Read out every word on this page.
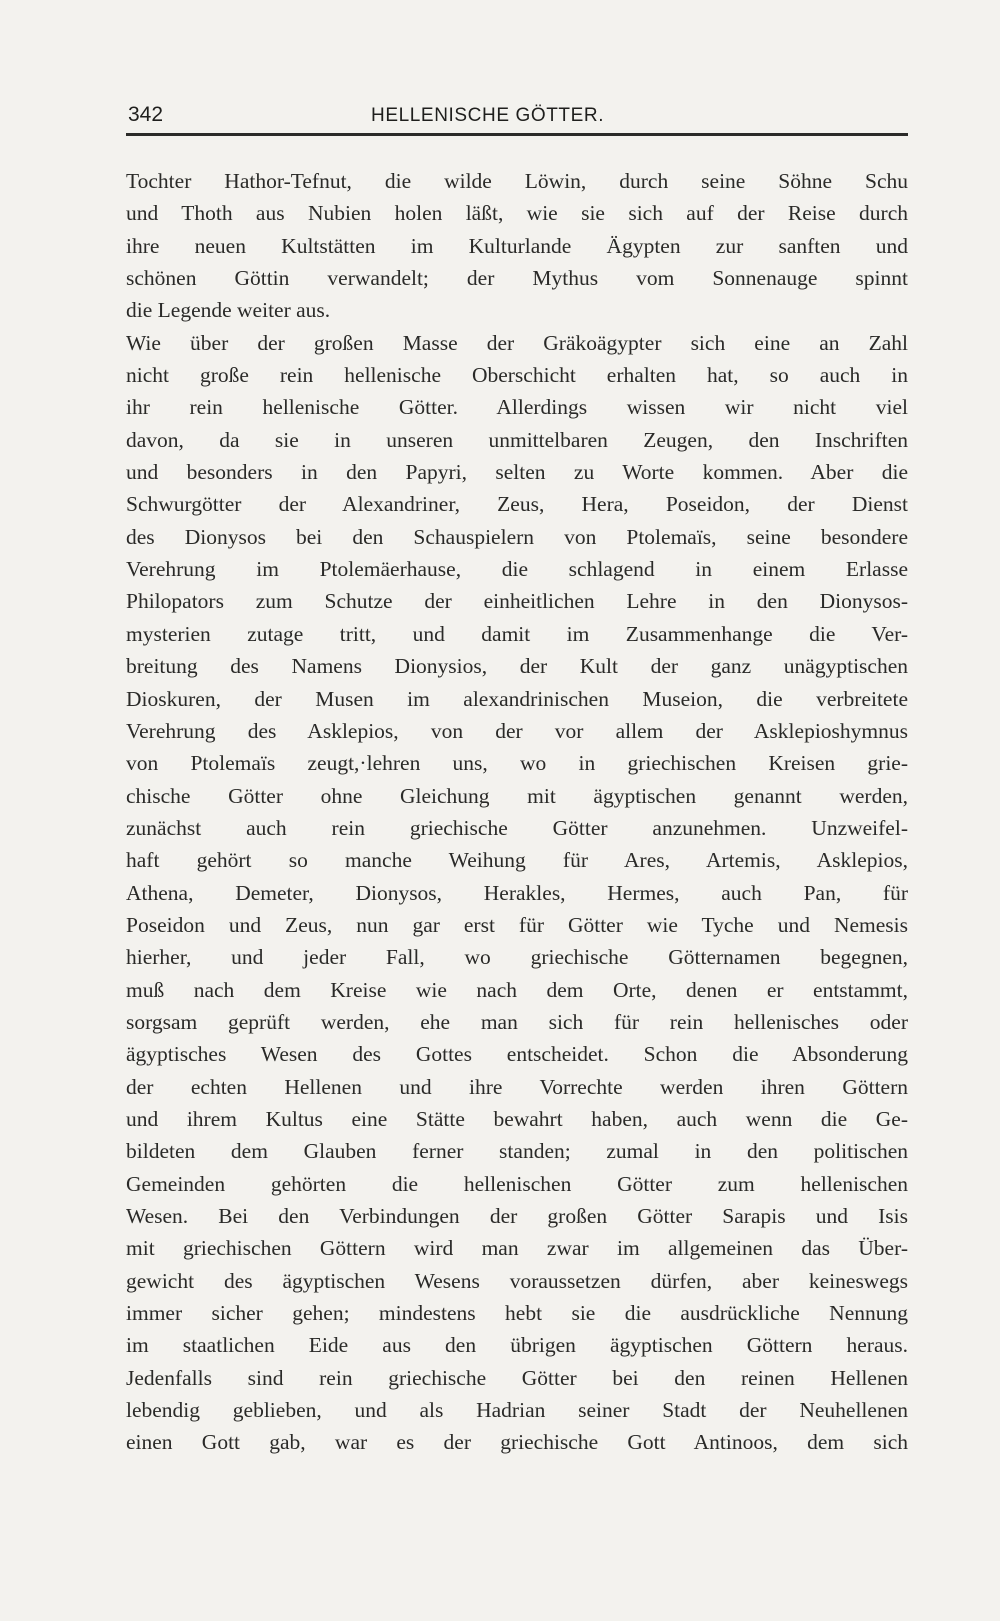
342	HELLENISCHE GÖTTER.
Tochter Hathor-Tefnut, die wilde Löwin, durch seine Söhne Schu
und Thoth aus Nubien holen läßt, wie sie sich auf der Reise durch
ihre neuen Kultstätten im Kulturlande Ägypten zur sanften und
schönen Göttin verwandelt; der Mythus vom Sonnenauge spinnt
die Legende weiter aus.
Wie über der großen Masse der Gräkoägypter sich eine an Zahl
nicht große rein hellenische Oberschicht erhalten hat, so auch in
ihr rein hellenische Götter. Allerdings wissen wir nicht viel
davon, da sie in unseren unmittelbaren Zeugen, den Inschriften
und besonders in den Papyri, selten zu Worte kommen. Aber die
Schwurgötter der Alexandriner, Zeus, Hera, Poseidon, der Dienst
des Dionysos bei den Schauspielern von Ptolemaïs, seine besondere
Verehrung im Ptolemäerhause, die schlagend in einem Erlasse
Philopators zum Schutze der einheitlichen Lehre in den Dionysos-
mysterien zutage tritt, und damit im Zusammenhange die Ver-
breitung des Namens Dionysios, der Kult der ganz unägyptischen
Dioskuren, der Musen im alexandrinischen Museion, die verbreitete
Verehrung des Asklepios, von der vor allem der Asklepioshymnus
von Ptolemaïs zeugt,·lehren uns, wo in griechischen Kreisen grie-
chische Götter ohne Gleichung mit ägyptischen genannt werden,
zunächst auch rein griechische Götter anzunehmen. Unzweifel-
haft gehört so manche Weihung für Ares, Artemis, Asklepios,
Athena, Demeter, Dionysos, Herakles, Hermes, auch Pan, für
Poseidon und Zeus, nun gar erst für Götter wie Tyche und Nemesis
hierher, und jeder Fall, wo griechische Götternamen begegnen,
muß nach dem Kreise wie nach dem Orte, denen er entstammt,
sorgsam geprüft werden, ehe man sich für rein hellenisches oder
ägyptisches Wesen des Gottes entscheidet. Schon die Absonderung
der echten Hellenen und ihre Vorrechte werden ihren Göttern
und ihrem Kultus eine Stätte bewahrt haben, auch wenn die Ge-
bildeten dem Glauben ferner standen; zumal in den politischen
Gemeinden gehörten die hellenischen Götter zum hellenischen
Wesen. Bei den Verbindungen der großen Götter Sarapis und Isis
mit griechischen Göttern wird man zwar im allgemeinen das Über-
gewicht des ägyptischen Wesens voraussetzen dürfen, aber keineswegs
immer sicher gehen; mindestens hebt sie die ausdrückliche Nennung
im staatlichen Eide aus den übrigen ägyptischen Göttern heraus.
Jedenfalls sind rein griechische Götter bei den reinen Hellenen
lebendig geblieben, und als Hadrian seiner Stadt der Neuhellenen
einen Gott gab, war es der griechische Gott Antinoos, dem sich
